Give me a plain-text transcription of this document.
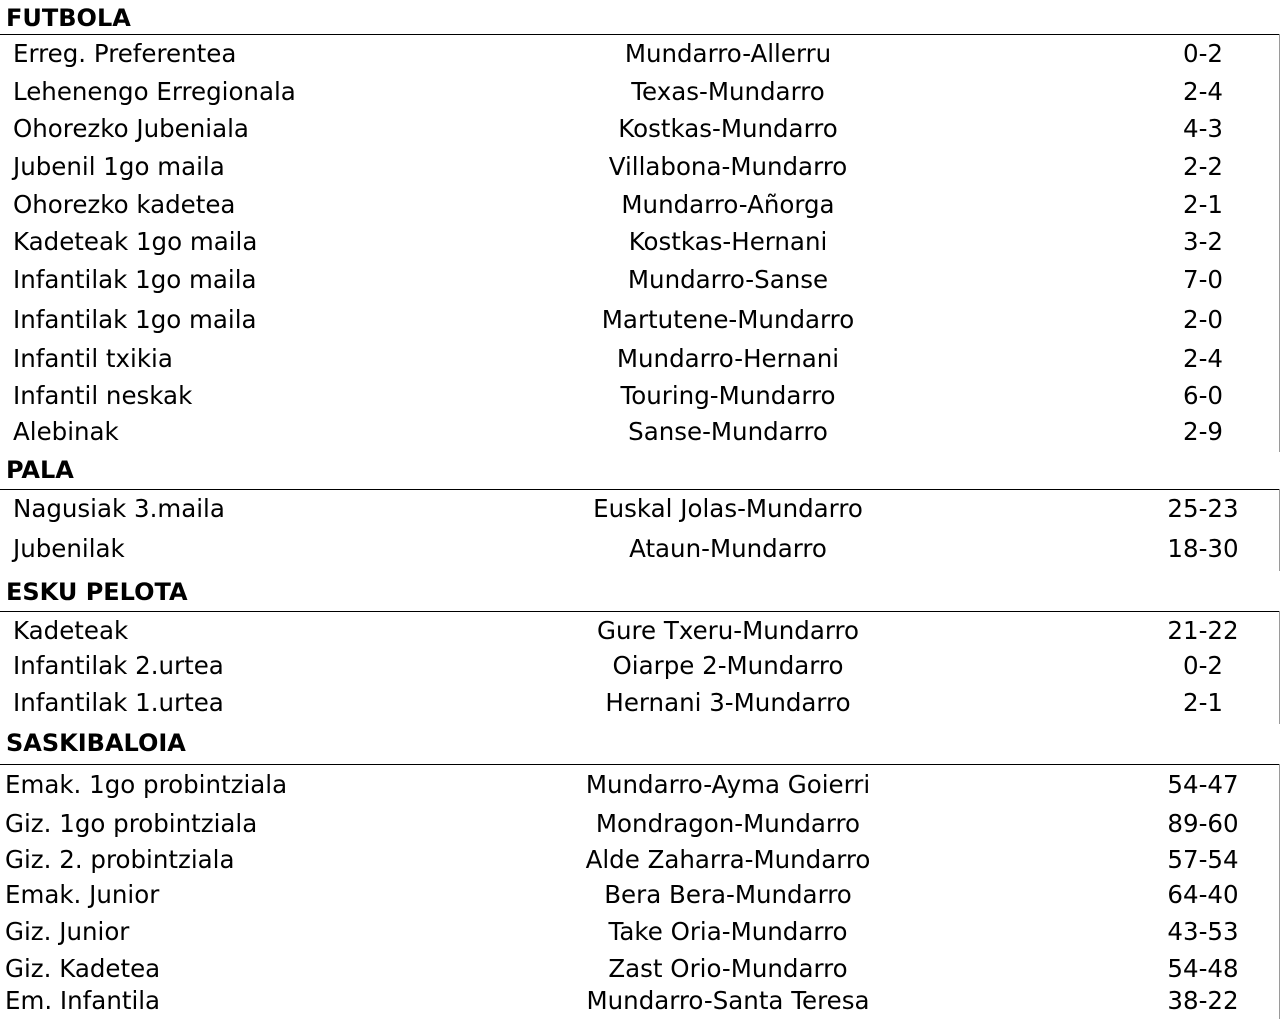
FUTBOLA
Erreg. Preferentea	Mundarro-Allerru	0-2
Lehenengo Erregionala	Texas-Mundarro	2-4
Ohorezko Jubeniala	Kostkas-Mundarro	4-3
Jubenil 1go maila	Villabona-Mundarro	2-2
Ohorezko kadetea	Mundarro-Añorga	2-1
Kadeteak 1go maila	Kostkas-Hernani	3-2
Infantilak 1go maila	Mundarro-Sanse	7-0
Infantilak 1go maila	Martutene-Mundarro	2-0
Infantil txikia	Mundarro-Hernani	2-4
Infantil neskak	Touring-Mundarro	6-0
Alebinak	Sanse-Mundarro	2-9
PALA
Nagusiak 3.maila	Euskal Jolas-Mundarro	25-23
Jubenilak	Ataun-Mundarro	18-30
ESKU PELOTA
Kadeteak	Gure Txeru-Mundarro	21-22
Infantilak 2.urtea	Oiarpe 2-Mundarro	0-2
Infantilak 1.urtea	Hernani 3-Mundarro	2-1
SASKIBALOIA
Emak. 1go probintziala	Mundarro-Ayma Goierri	54-47
Giz. 1go probintziala	Mondragon-Mundarro	89-60
Giz. 2. probintziala	Alde Zaharra-Mundarro	57-54
Emak. Junior	Bera Bera-Mundarro	64-40
Giz. Junior	Take Oria-Mundarro	43-53
Giz. Kadetea	Zast Orio-Mundarro	54-48
Em. Infantila	Mundarro-Santa Teresa	38-22
